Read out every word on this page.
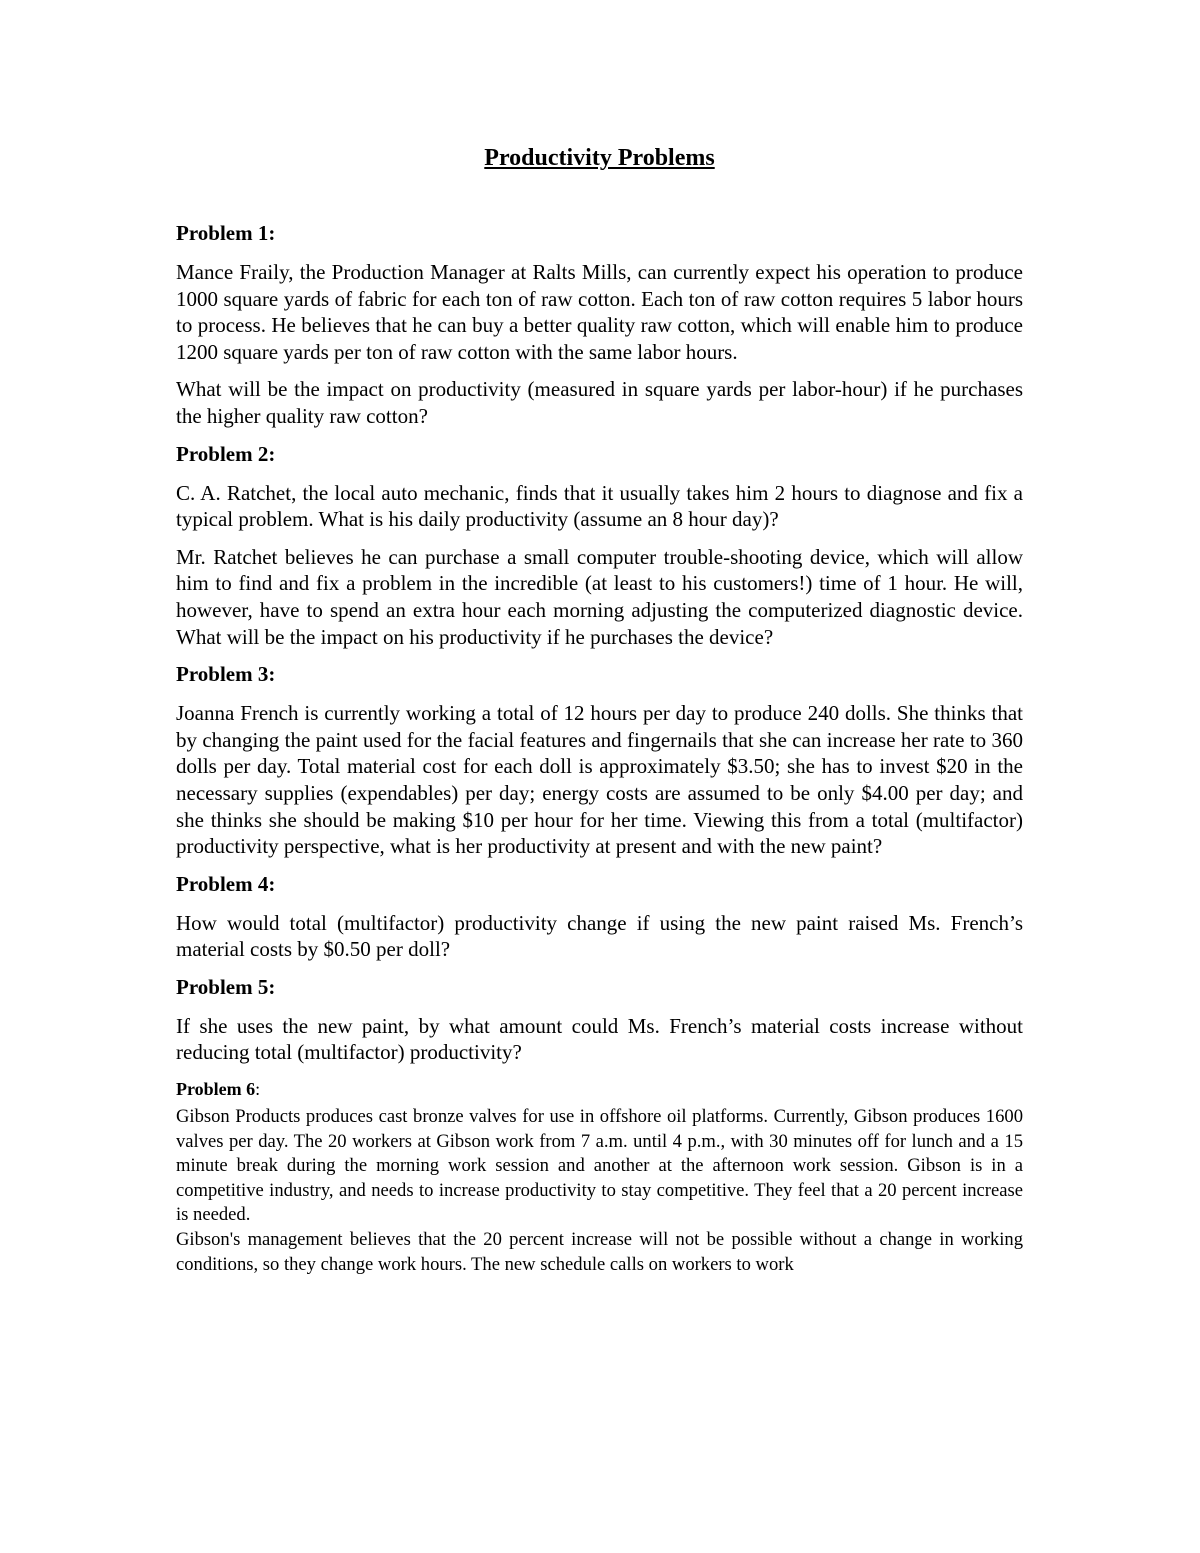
Productivity Problems
Problem 1:

Mance Fraily, the Production Manager at Ralts Mills, can currently expect his operation to produce 1000 square yards of fabric for each ton of raw cotton. Each ton of raw cotton requires 5 labor hours to process. He believes that he can buy a better quality raw cotton, which will enable him to produce 1200 square yards per ton of raw cotton with the same labor hours.

What will be the impact on productivity (measured in square yards per labor-hour) if he purchases the higher quality raw cotton?

Problem 2:

C. A. Ratchet, the local auto mechanic, finds that it usually takes him 2 hours to diagnose and fix a typical problem. What is his daily productivity (assume an 8 hour day)?

Mr. Ratchet believes he can purchase a small computer trouble-shooting device, which will allow him to find and fix a problem in the incredible (at least to his customers!) time of 1 hour. He will, however, have to spend an extra hour each morning adjusting the computerized diagnostic device. What will be the impact on his productivity if he purchases the device?

Problem 3:

Joanna French is currently working a total of 12 hours per day to produce 240 dolls. She thinks that by changing the paint used for the facial features and fingernails that she can increase her rate to 360 dolls per day. Total material cost for each doll is approximately $3.50; she has to invest $20 in the necessary supplies (expendables) per day; energy costs are assumed to be only $4.00 per day; and she thinks she should be making $10 per hour for her time. Viewing this from a total (multifactor) productivity perspective, what is her productivity at present and with the new paint?

Problem 4:

How would total (multifactor) productivity change if using the new paint raised Ms. French’s material costs by $0.50 per doll?

Problem 5:

If she uses the new paint, by what amount could Ms. French’s material costs increase without reducing total (multifactor) productivity?

Problem 6:

Gibson Products produces cast bronze valves for use in offshore oil platforms. Currently, Gibson produces 1600 valves per day. The 20 workers at Gibson work from 7 a.m. until 4 p.m., with 30 minutes off for lunch and a 15 minute break during the morning work session and another at the afternoon work session. Gibson is in a competitive industry, and needs to increase productivity to stay competitive. They feel that a 20 percent increase is needed.

Gibson's management believes that the 20 percent increase will not be possible without a change in working conditions, so they change work hours. The new schedule calls on workers to work
